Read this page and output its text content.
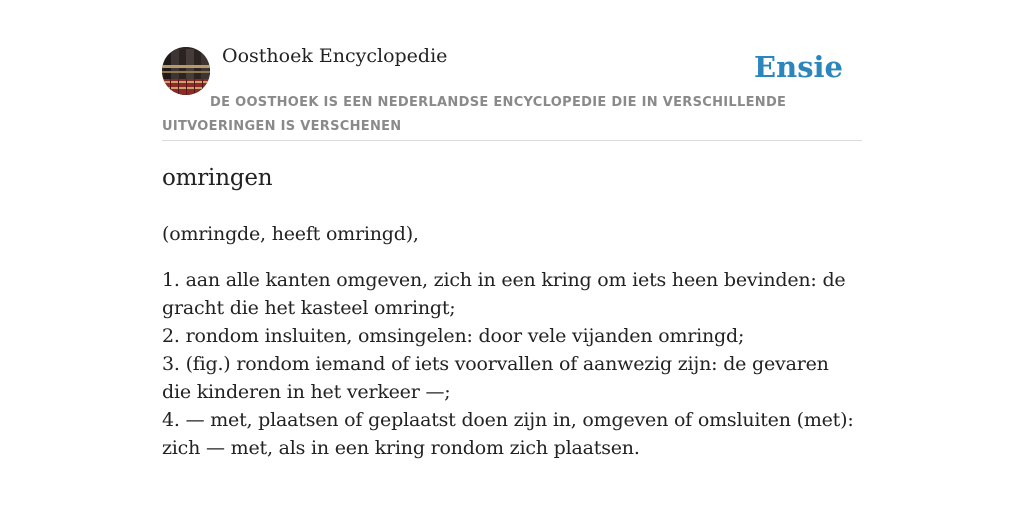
Oosthoek Encyclopedie	Ensie
DE OOSTHOEK IS EEN NEDERLANDSE ENCYCLOPEDIE DIE IN VERSCHILLENDE UITVOERINGEN IS VERSCHENEN
omringen

(omringde, heeft omringd),

1. aan alle kanten omgeven, zich in een kring om iets heen bevinden: de gracht die het kasteel omringt;
2. rondom insluiten, omsingelen: door vele vijanden omringd;
3. (fig.) rondom iemand of iets voorvallen of aanwezig zijn: de gevaren die kinderen in het verkeer —;
4. — met, plaatsen of geplaatst doen zijn in, omgeven of omsluiten (met): zich — met, als in een kring rondom zich plaatsen.
